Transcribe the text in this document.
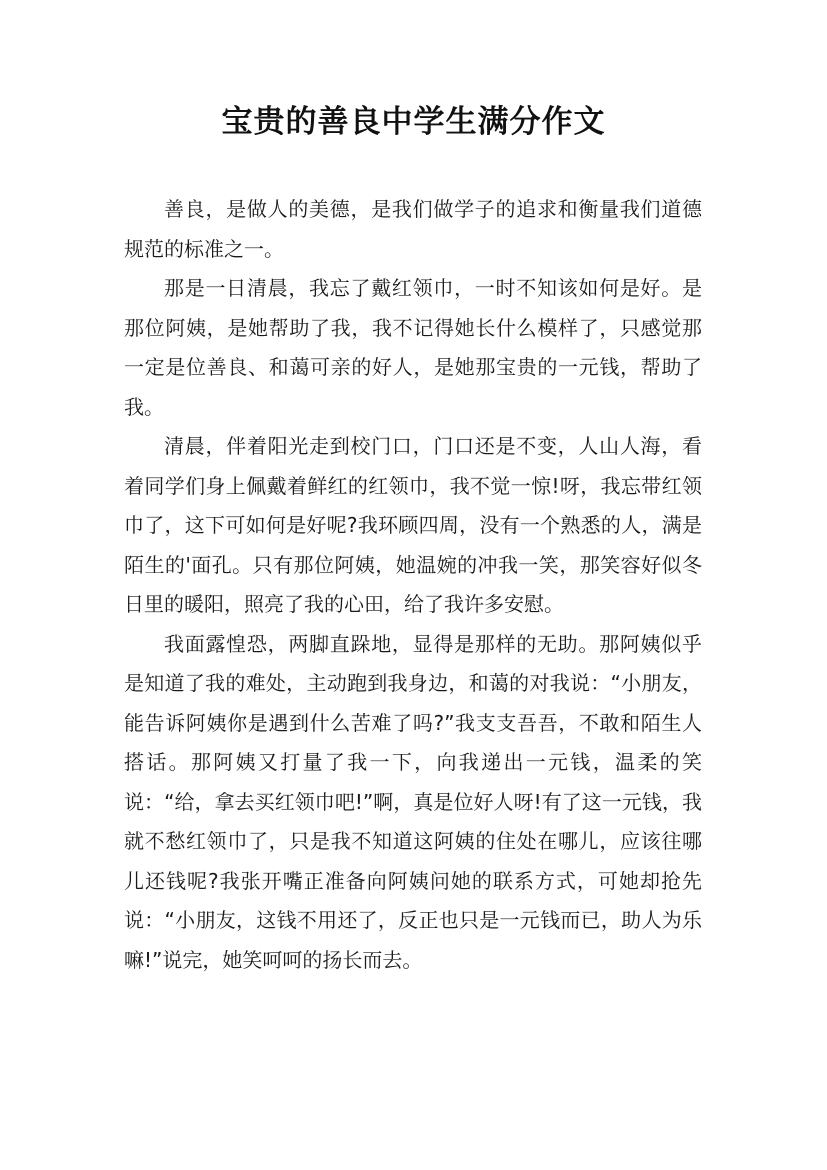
宝贵的善良中学生满分作文

善良，是做人的美德，是我们做学子的追求和衡量我们道德规范的标准之一。

那是一日清晨，我忘了戴红领巾，一时不知该如何是好。是那位阿姨，是她帮助了我，我不记得她长什么模样了，只感觉那一定是位善良、和蔼可亲的好人，是她那宝贵的一元钱，帮助了我。

清晨，伴着阳光走到校门口，门口还是不变，人山人海，看着同学们身上佩戴着鲜红的红领巾，我不觉一惊!呀，我忘带红领巾了，这下可如何是好呢?我环顾四周，没有一个熟悉的人，满是陌生的'面孔。只有那位阿姨，她温婉的冲我一笑，那笑容好似冬日里的暖阳，照亮了我的心田，给了我许多安慰。

我面露惶恐，两脚直跺地，显得是那样的无助。那阿姨似乎是知道了我的难处，主动跑到我身边，和蔼的对我说：“小朋友，能告诉阿姨你是遇到什么苦难了吗?”我支支吾吾，不敢和陌生人搭话。那阿姨又打量了我一下，向我递出一元钱，温柔的笑说：“给，拿去买红领巾吧!”啊，真是位好人呀!有了这一元钱，我就不愁红领巾了，只是我不知道这阿姨的住处在哪儿，应该往哪儿还钱呢?我张开嘴正准备向阿姨问她的联系方式，可她却抢先说：“小朋友，这钱不用还了，反正也只是一元钱而已，助人为乐嘛!”说完，她笑呵呵的扬长而去。
